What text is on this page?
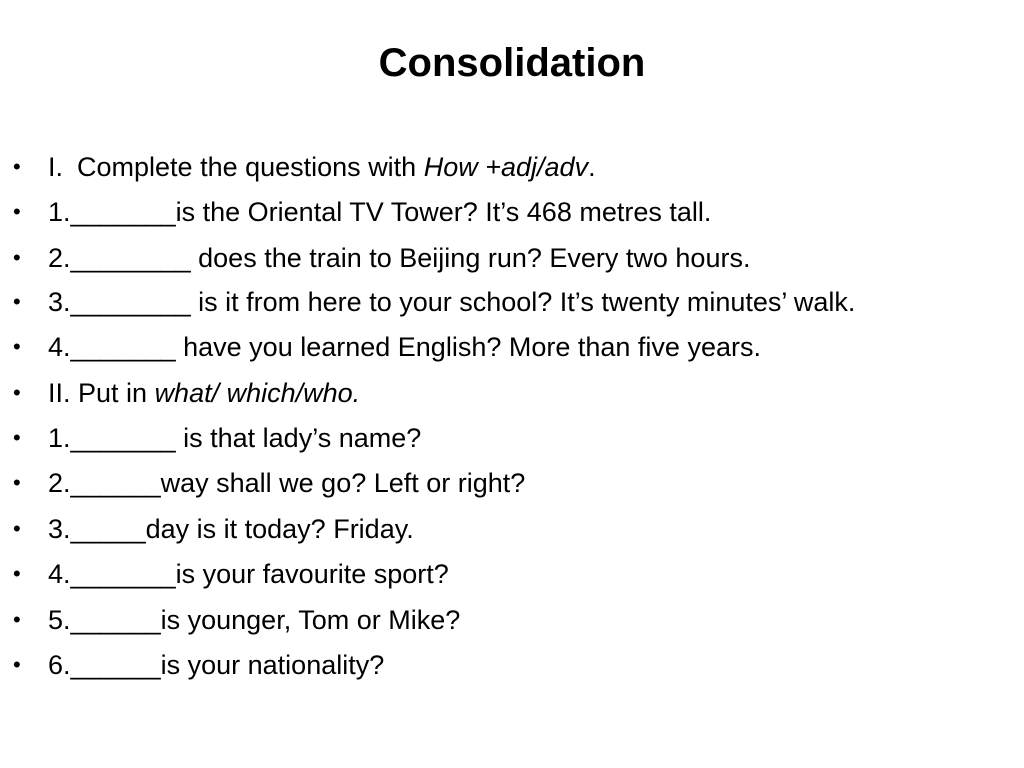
Consolidation
• I. Complete the questions with How +adj/adv.
• 1._______is the Oriental TV Tower? It’s 468 metres tall.
• 2.________ does the train to Beijing run? Every two hours.
• 3.________ is it from here to your school? It’s twenty minutes’ walk.
• 4._______ have you learned English? More than five years.
• II. Put in what/ which/who.
• 1._______ is that lady’s name?
• 2.______way shall we go? Left or right?
• 3._____day is it today? Friday.
• 4._______is your favourite sport?
• 5.______is younger, Tom or Mike?
• 6.______is your nationality?
